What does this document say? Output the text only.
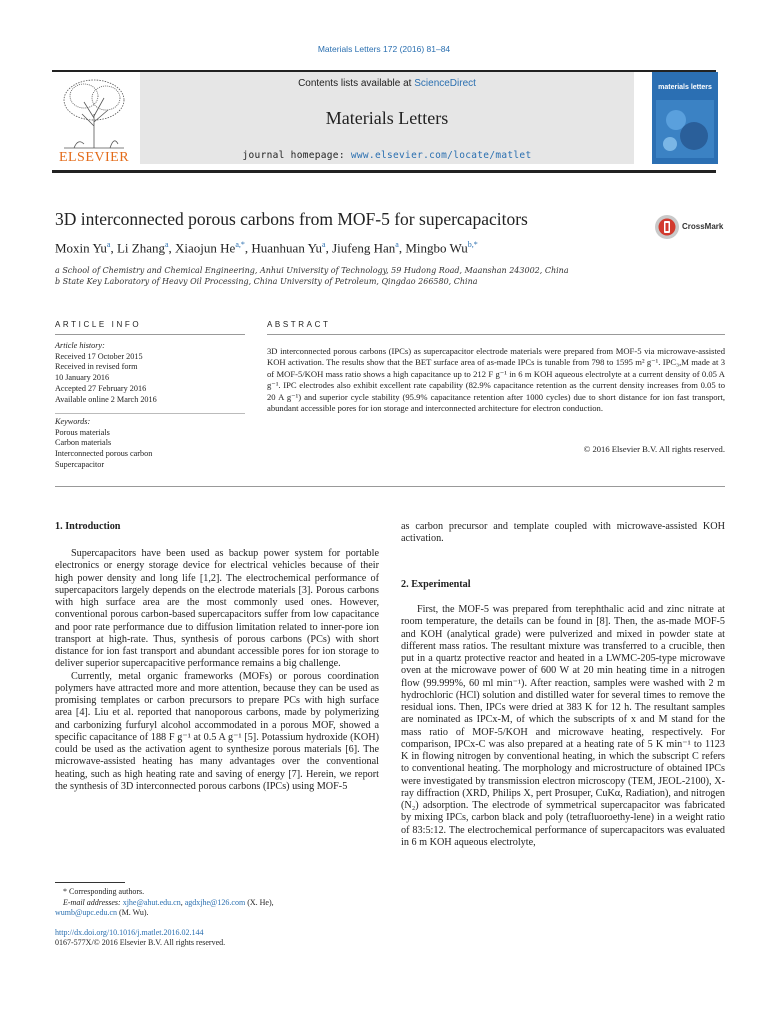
Materials Letters 172 (2016) 81–84
ELSEVIER
Contents lists available at ScienceDirect
Materials Letters
journal homepage: www.elsevier.com/locate/matlet
materials letters
3D interconnected porous carbons from MOF-5 for supercapacitors	CrossMark
Moxin Yu$^a$, Li Zhang$^a$, Xiaojun $He^{a,*}$, Huanhuan Yu$^a$, Jiufeng Han$^a$, Mingbo $Wu^{b,*}$
a School of Chemistry and Chemical Engineering, Anhui University of Technology, 59 Hudong Road, Maanshan 243002, China
b State Key Laboratory of Heavy Oil Processing, China University of Petroleum, Qingdao 266580, China
ARTICLE INFO	ABSTRACT
Article history:
Received 17 October 2015
Received in revised form
10 January 2016
Accepted 27 February 2016
Available online 2 March 2016
Keywords:
Porous materials
Carbon materials
Interconnected porous carbon
Supercapacitor
3D interconnected porous carbons (IPCs) as supercapacitor electrode materials were prepared from MOF-5 via microwave-assisted KOH activation. The results show that the BET surface area of as-made IPCs is tunable from 798 to 1595 m² g⁻¹. IPC₃,M made at 3 of MOF-5/KOH mass ratio shows a high capacitance up to 212 F g⁻¹ in 6 m KOH aqueous electrolyte at a current density of 0.05 A g⁻¹. IPC electrodes also exhibit excellent rate capability (82.9% capacitance retention as the current density increases from 0.05 to 20 A g⁻¹) and superior cycle stability (95.9% capacitance retention after 1000 cycles) due to short distance for ion fast transport, abundant accessible pores for ion storage and interconnected architecture for electron conduction.
© 2016 Elsevier B.V. All rights reserved.
1. Introduction

Supercapacitors have been used as backup power system for portable electronics or energy storage device for electrical vehicles because of their high power density and long life [1,2]. The electrochemical performance of supercapacitors largely depends on the electrode materials [3]. Porous carbons with high surface area are the most commonly used ones. However, conventional porous carbon-based supercapacitors suffer from low capacitance and poor rate performance due to diffusion limitation related to inner-pore ion transport at high-rate. Thus, synthesis of porous carbons (PCs) with short distance for ion fast transport and abundant accessible pores for ion storage to deliver superior supercapacitive performance remains a big challenge.

Currently, metal organic frameworks (MOFs) or porous coordination polymers have attracted more and more attention, because they can be used as promising templates or carbon precursors to prepare PCs with high surface area [4]. Liu et al. reported that nanoporous carbons, made by polymerizing and carbonizing furfuryl alcohol accommodated in a porous MOF, showed a specific capacitance of 188 F g⁻¹ at 0.5 A g⁻¹ [5]. Potassium hydroxide (KOH) could be used as the activation agent to synthesize porous materials [6]. The microwave-assisted heating has many advantages over the conventional heating, such as high heating rate and saving of energy [7]. Herein, we report the synthesis of 3D interconnected porous carbons (IPCs) using MOF-5

* Corresponding authors.
E-mail addresses: xjhe@ahut.edu.cn, agdxjhe@126.com (X. He),
wumb@upc.edu.cn (M. Wu).
http://dx.doi.org/10.1016/j.matlet.2016.02.144
0167-577X/© 2016 Elsevier B.V. All rights reserved.

as carbon precursor and template coupled with microwave-assisted KOH activation.

2. Experimental

First, the MOF-5 was prepared from terephthalic acid and zinc nitrate at room temperature, the details can be found in [8]. Then, the as-made MOF-5 and KOH (analytical grade) were pulverized and mixed in powder state at different mass ratios. The resultant mixture was transferred to a crucible, then put in a quartz protective reactor and heated in a LWMC-205-type microwave oven at the microwave power of 600 W at 20 min heating time in a nitrogen flow (99.999%, 60 ml min⁻¹). After reaction, samples were washed with 2 m hydrochloric (HCl) solution and distilled water for several times to remove the residual ions. Then, IPCs were dried at 383 K for 12 h. The resultant samples are nominated as IPCx-M, of which the subscripts of x and M stand for the mass ratio of MOF-5/KOH and microwave heating, respectively. For comparison, IPCx-C was also prepared at a heating rate of 5 K min⁻¹ to 1123 K in flowing nitrogen by conventional heating, in which the subscript C refers to conventional heating. The morphology and microstructure of obtained IPCs were investigated by transmission electron microscopy (TEM, JEOL-2100), X-ray diffraction (XRD, Philips X, pert Prosuper, CuKα, Radiation), and nitrogen (N₂) adsorption. The electrode of symmetrical supercapacitor was fabricated by mixing IPCs, carbon black and poly (tetrafluoroethy-lene) in a weight ratio of 83:5:12. The electrochemical performance of supercapacitors was evaluated in 6 m KOH aqueous electrolyte,
